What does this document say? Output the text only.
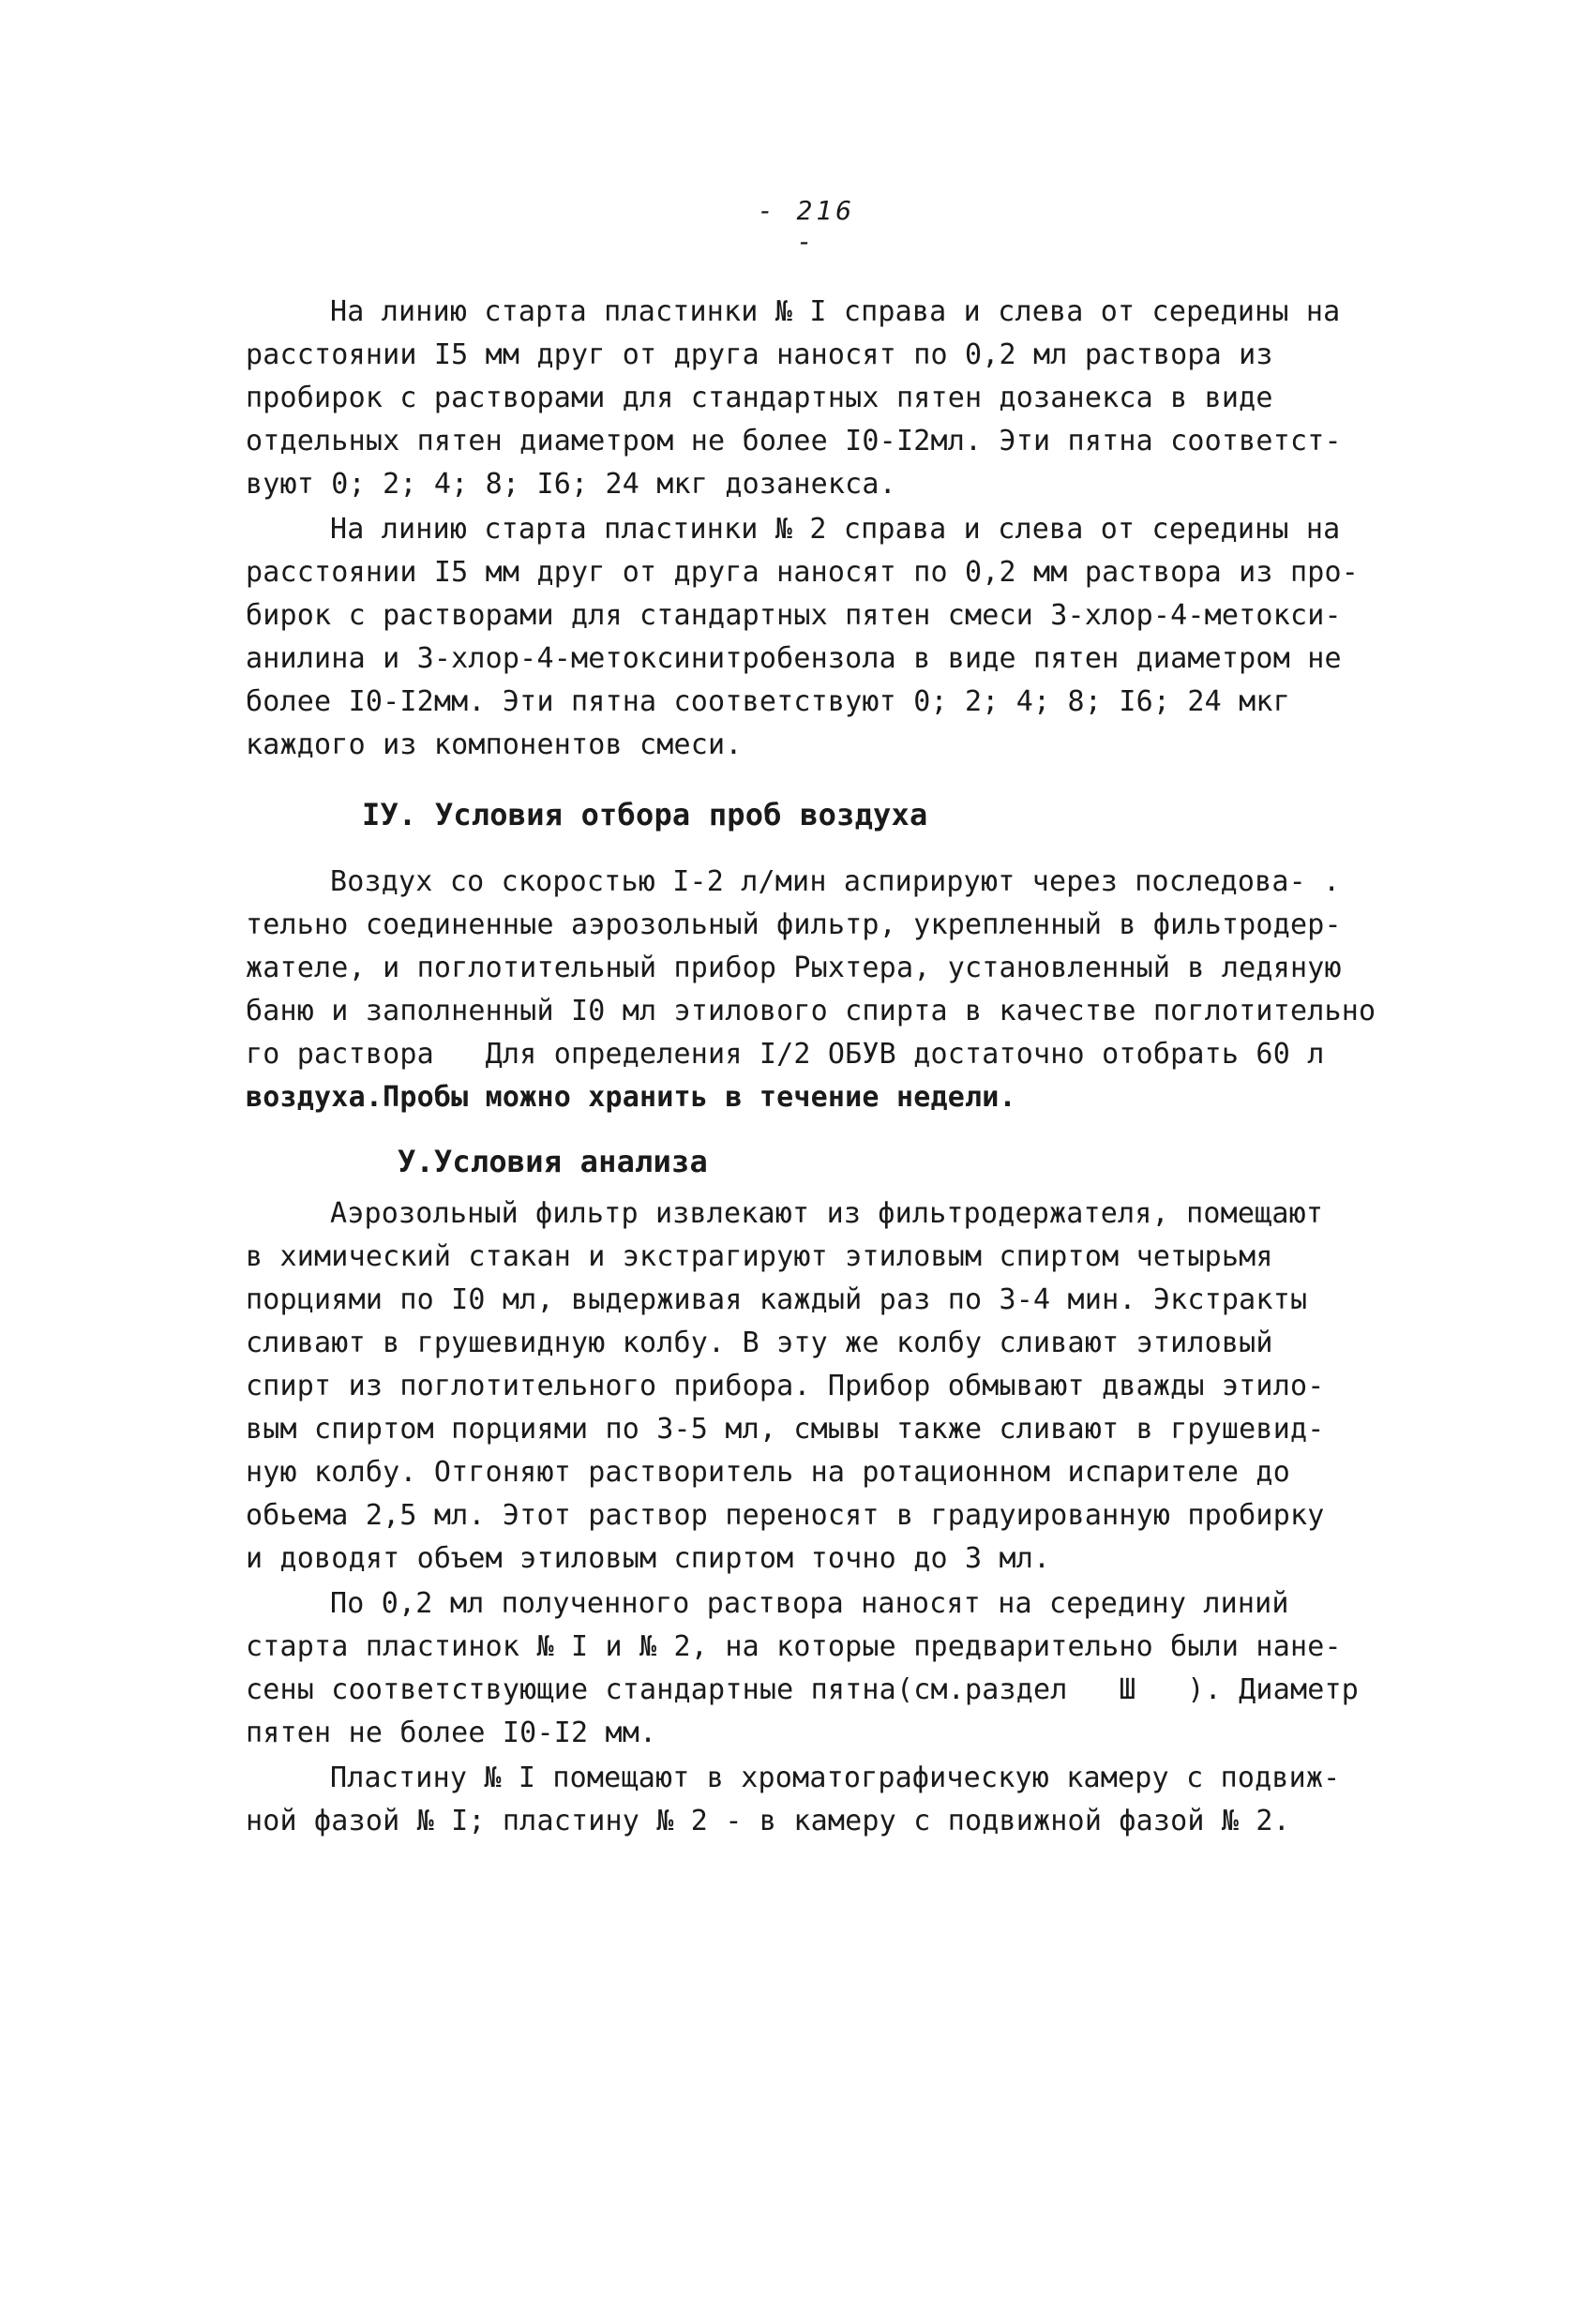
- 216 -
На линию старта пластинки № I справа и слева от середины на
расстоянии I5 мм друг от друга наносят по 0,2 мл раствора из
пробирок с растворами для стандартных пятен дозанекса в виде
отдельных пятен диаметром не более I0-I2мл. Эти пятна соответст-
вуют 0; 2; 4; 8; I6; 24 мкг дозанекса.
На линию старта пластинки № 2 справа и слева от середины на
расстоянии I5 мм друг от друга наносят по 0,2 мм раствора из про-
бирок с растворами для стандартных пятен смеси 3-хлор-4-метокси-
анилина и 3-хлор-4-метоксинитробензола в виде пятен диаметром не
более I0-I2мм. Эти пятна соответствуют 0; 2; 4; 8; I6; 24 мкг
каждого из компонентов смеси.
IУ. Условия отбора проб воздуха
Воздух со скоростью I-2 л/мин аспирируют через последова- .
тельно соединенные аэрозольный фильтр, укрепленный в фильтродер-
жателе, и поглотительный прибор Рыхтера, установленный в ледяную
баню и заполненный I0 мл этилового спирта в качестве поглотительно
го раствора   Для определения I/2 ОБУВ достаточно отобрать 60 л
воздуха.Пробы можно хранить в течение недели.
У.Условия анализа
Аэрозольный фильтр извлекают из фильтродержателя, помещают
в химический стакан и экстрагируют этиловым спиртом четырьмя
порциями по I0 мл, выдерживая каждый раз по 3-4 мин. Экстракты
сливают в грушевидную колбу. В эту же колбу сливают этиловый
спирт из поглотительного прибора. Прибор обмывают дважды этило-
вым спиртом порциями по 3-5 мл, смывы также сливают в грушевид-
ную колбу. Отгоняют растворитель на ротационном испарителе до
обьема 2,5 мл. Этот раствор переносят в градуированную пробирку
и доводят объем этиловым спиртом точно до 3 мл.
По 0,2 мл полученного раствора наносят на середину линий
старта пластинок № I и № 2, на которые предварительно были нане-
сены соответствующие стандартные пятна(см.раздел   Ш   ). Диаметр
пятен не более I0-I2 мм.
Пластину № I помещают в хроматографическую камеру с подвиж-
ной фазой № I; пластину № 2 - в камеру с подвижной фазой № 2.
